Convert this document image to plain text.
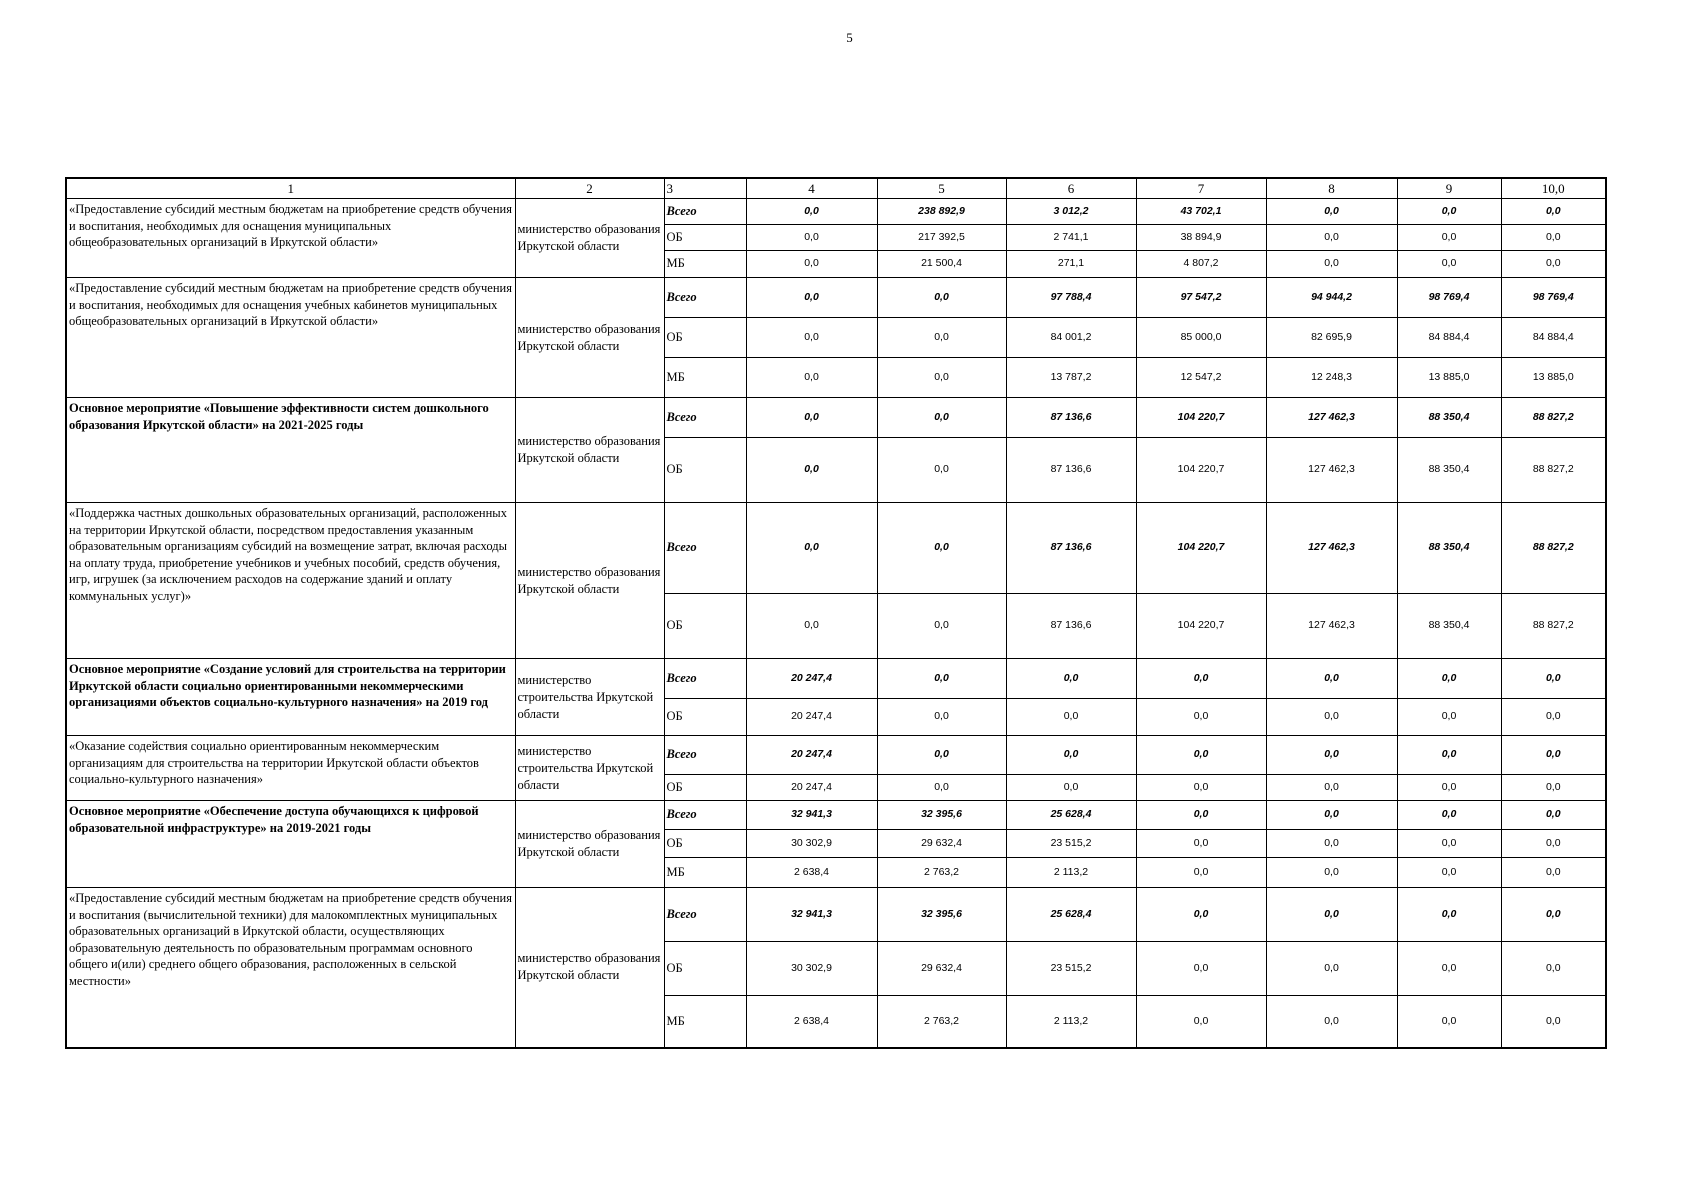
5
1	2	3	4	5	6	7	8	9	10,0
«Предоставление субсидий местным бюджетам на приобретение средств обучения и воспитания, необходимых для оснащения муниципальных общеобразовательных организаций в Иркутской области»	министерство образования Иркутской области	Всего	0,0	238 892,9	3 012,2	43 702,1	0,0	0,0	0,0
		ОБ	0,0	217 392,5	2 741,1	38 894,9	0,0	0,0	0,0
		МБ	0,0	21 500,4	271,1	4 807,2	0,0	0,0	0,0
«Предоставление субсидий местным бюджетам на приобретение средств обучения и воспитания, необходимых для оснащения учебных кабинетов муниципальных общеобразовательных организаций в Иркутской области»	министерство образования Иркутской области	Всего	0,0	0,0	97 788,4	97 547,2	94 944,2	98 769,4	98 769,4
		ОБ	0,0	0,0	84 001,2	85 000,0	82 695,9	84 884,4	84 884,4
		МБ	0,0	0,0	13 787,2	12 547,2	12 248,3	13 885,0	13 885,0
Основное мероприятие «Повышение эффективности систем дошкольного образования Иркутской области» на 2021-2025 годы	министерство образования Иркутской области	Всего	0,0	0,0	87 136,6	104 220,7	127 462,3	88 350,4	88 827,2
		ОБ	0,0	0,0	87 136,6	104 220,7	127 462,3	88 350,4	88 827,2
«Поддержка частных дошкольных образовательных организаций, расположенных на территории Иркутской области, посредством предоставления указанным образовательным организациям субсидий на возмещение затрат, включая расходы на оплату труда, приобретение учебников и учебных пособий, средств обучения, игр, игрушек (за исключением расходов на содержание зданий и оплату коммунальных услуг)»	министерство образования Иркутской области	Всего	0,0	0,0	87 136,6	104 220,7	127 462,3	88 350,4	88 827,2
		ОБ	0,0	0,0	87 136,6	104 220,7	127 462,3	88 350,4	88 827,2
Основное мероприятие «Создание условий для строительства на территории Иркутской области социально ориентированными некоммерческими организациями объектов социально-культурного назначения» на 2019 год	министерство строительства Иркутской области	Всего	20 247,4	0,0	0,0	0,0	0,0	0,0	0,0
		ОБ	20 247,4	0,0	0,0	0,0	0,0	0,0	0,0
«Оказание содействия социально ориентированным некоммерческим организациям для строительства на территории Иркутской области объектов социально-культурного назначения»	министерство строительства Иркутской области	Всего	20 247,4	0,0	0,0	0,0	0,0	0,0	0,0
		ОБ	20 247,4	0,0	0,0	0,0	0,0	0,0	0,0
Основное мероприятие «Обеспечение доступа обучающихся к цифровой образовательной инфраструктуре» на 2019-2021 годы	министерство образования Иркутской области	Всего	32 941,3	32 395,6	25 628,4	0,0	0,0	0,0	0,0
		ОБ	30 302,9	29 632,4	23 515,2	0,0	0,0	0,0	0,0
		МБ	2 638,4	2 763,2	2 113,2	0,0	0,0	0,0	0,0
«Предоставление субсидий местным бюджетам на приобретение средств обучения и воспитания (вычислительной техники) для малокомплектных муниципальных образовательных организаций в Иркутской области, осуществляющих образовательную деятельность по образовательным программам основного общего и(или) среднего общего образования, расположенных в сельской местности»	министерство образования Иркутской области	Всего	32 941,3	32 395,6	25 628,4	0,0	0,0	0,0	0,0
		ОБ	30 302,9	29 632,4	23 515,2	0,0	0,0	0,0	0,0
		МБ	2 638,4	2 763,2	2 113,2	0,0	0,0	0,0	0,0
